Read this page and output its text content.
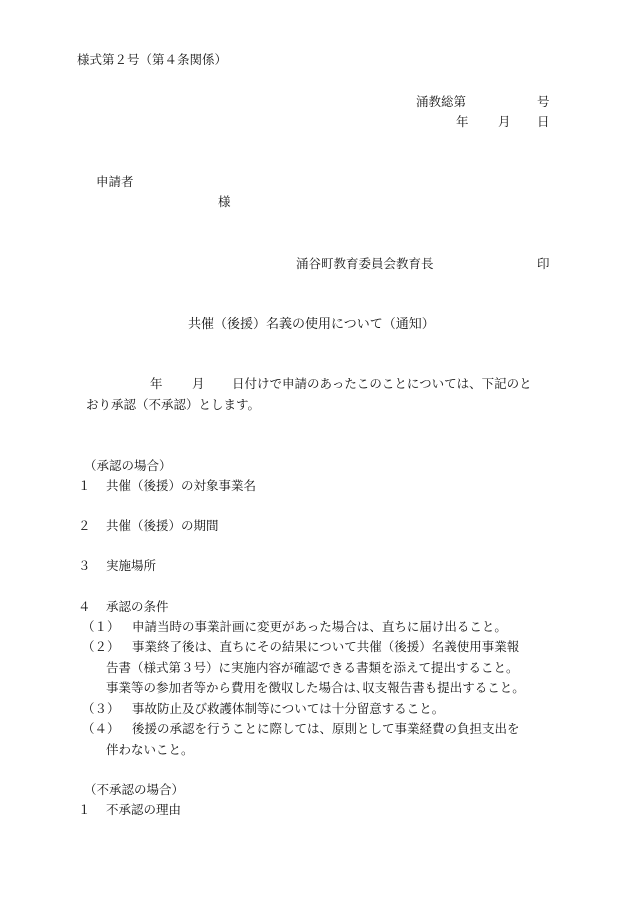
様式第２号（第４条関係）
涌教総第	号
年 月 日
申請者
様
涌谷町教育委員会教育長	印
共催（後援）名義の使用について（通知）
年 月 日付けで申請のあったこのことについては、下記のと
おり承認（不承認）とします。
（承認の場合）
１ 共催（後援）の対象事業名
２ 共催（後援）の期間
３ 実施場所
４ 承認の条件
（１） 申請当時の事業計画に変更があった場合は、直ちに届け出ること。
（２） 事業終了後は、直ちにその結果について共催（後援）名義使用事業報
告書（様式第３号）に実施内容が確認できる書類を添えて提出すること。
事業等の参加者等から費用を徴収した場合は､収支報告書も提出すること。
（３） 事故防止及び救護体制等については十分留意すること。
（４） 後援の承認を行うことに際しては、原則として事業経費の負担支出を
伴わないこと。
（不承認の場合）
１ 不承認の理由
